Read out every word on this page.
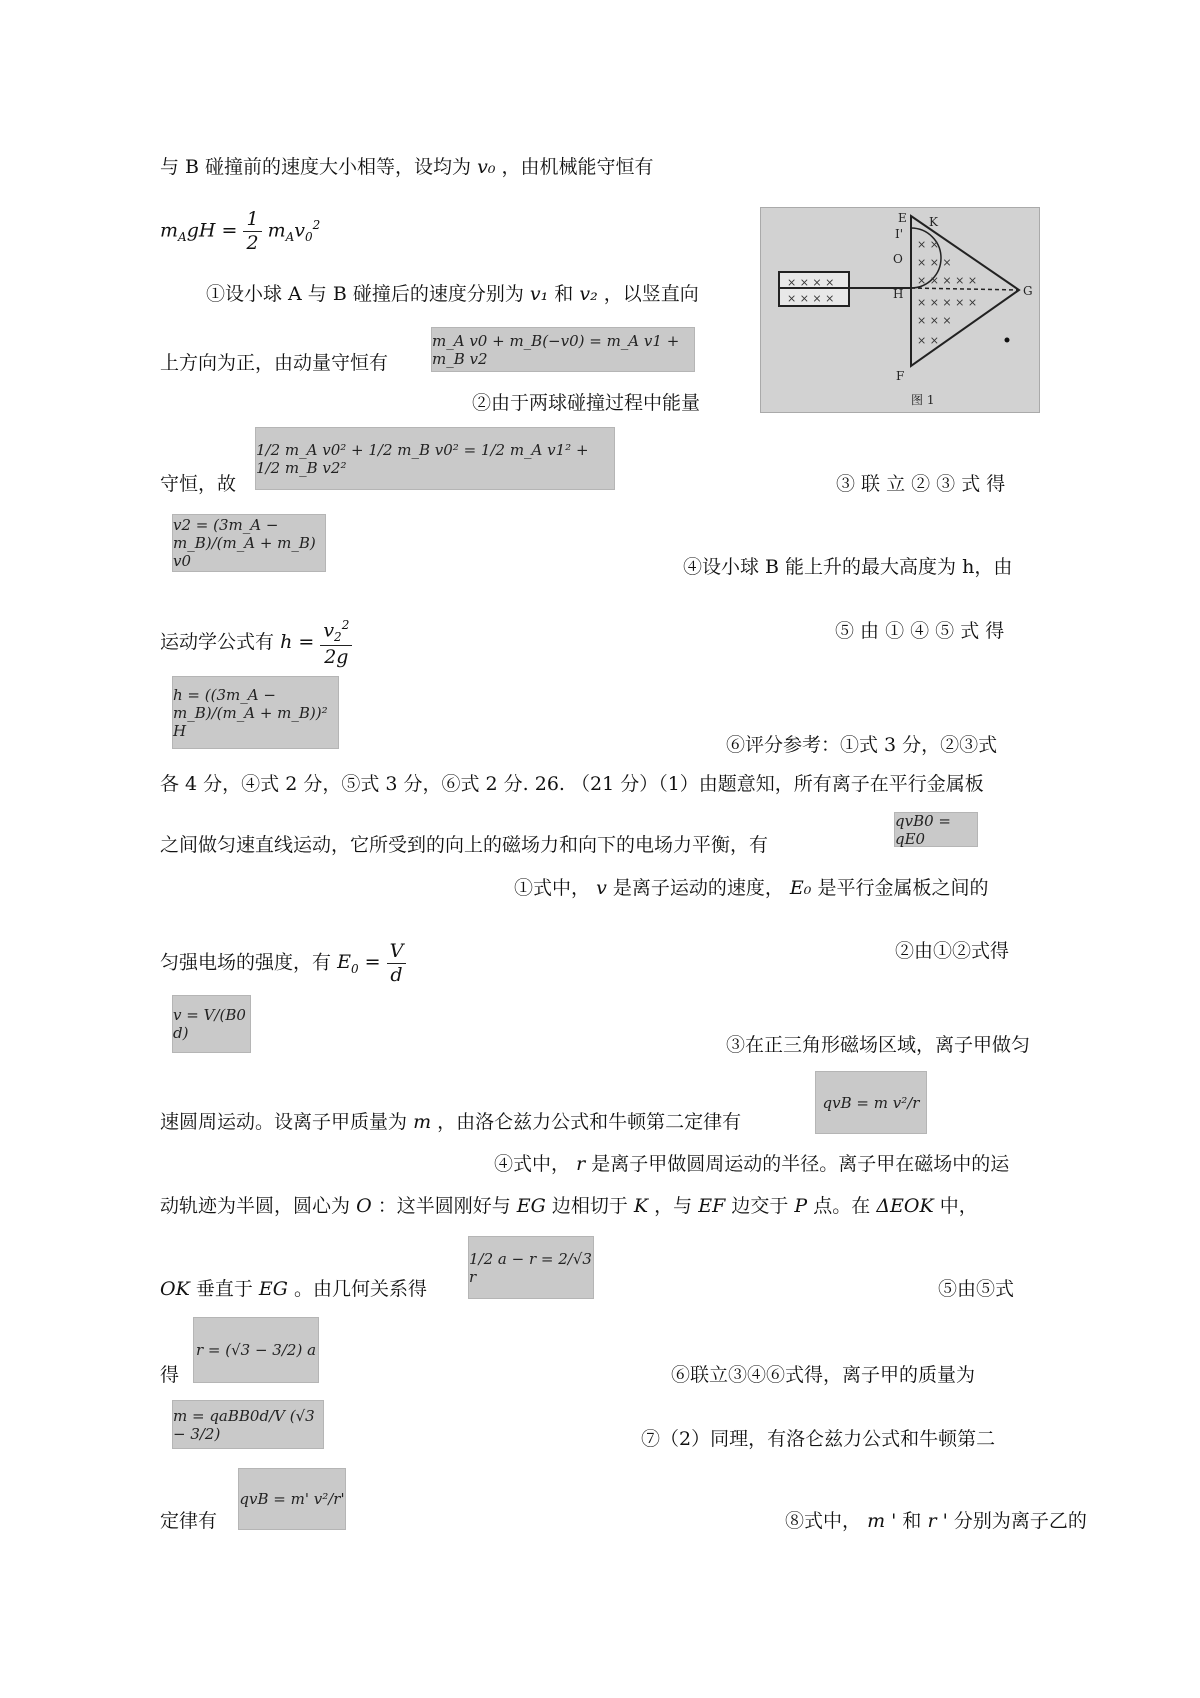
与 B 碰撞前的速度大小相等，设均为 v₀ ，由机械能守恒有
$m_AgH = \frac{1}{2} m_Av_0^2$
× × × ×
× × × ×
× ×
× × ×
× × × × ×
× × × × ×
× × ×
× ×
E K
I'
O
H	G
F
图 1
①设小球 A 与 B 碰撞后的速度分别为 v₁ 和 v₂ ，以竖直向
上方向为正，由动量守恒有
m_A v0 + m_B(−v0) = m_A v1 + m_B v2
②由于两球碰撞过程中能量
守恒，故
1/2 m_A v0² + 1/2 m_B v0² = 1/2 m_A v1² + 1/2 m_B v2²
③ 联 立 ② ③ 式 得
v2 = (3m_A − m_B)/(m_A + m_B) v0	④设小球 B 能上升的最大高度为 h，由
运动学公式有 $h = \frac{v_2^2}{2g}$	⑤ 由 ① ④ ⑤ 式 得
h = ((3m_A − m_B)/(m_A + m_B))² H
⑥评分参考：①式 3 分，②③式
各 4 分，④式 2 分，⑤式 3 分，⑥式 2 分. 26. （21 分）（1）由题意知，所有离子在平行金属板
之间做匀速直线运动，它所受到的向上的磁场力和向下的电场力平衡，有
qvB0 = qE0
①式中， v 是离子运动的速度， E₀ 是平行金属板之间的
匀强电场的强度，有 $E_0 = \frac{V}{d}$	②由①②式得
v = V/(B0 d)
③在正三角形磁场区域，离子甲做匀
速圆周运动。设离子甲质量为 m ，由洛仑兹力公式和牛顿第二定律有
qvB = m v²/r
④式中， r 是离子甲做圆周运动的半径。离子甲在磁场中的运
动轨迹为半圆，圆心为 O ：这半圆刚好与 EG 边相切于 K ，与 EF 边交于 P 点。在 ΔEOK 中，
OK 垂直于 EG 。由几何关系得
1/2 a − r = 2/√3 r
⑤由⑤式
r = (√3 − 3/2) a
得	⑥联立③④⑥式得，离子甲的质量为
m = qaBB0d/V (√3 − 3/2)	⑦（2）同理，有洛仑兹力公式和牛顿第二
定律有
qvB = m' v²/r'
⑧式中， m ' 和 r ' 分别为离子乙的
